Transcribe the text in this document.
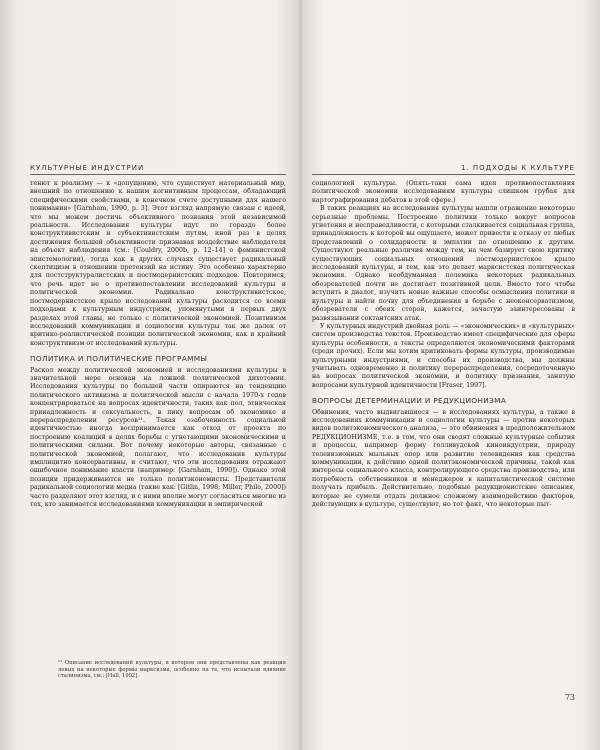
КУЛЬТУРНЫЕ ИНДУСТРИИ

тенют к реализму — к «допущению, что существует материальный мир, внешний по отношению к нашим когнитивным процессам, обладающий специфическими свойствами, в конечном счете доступными для нашего понимания» [Garnham, 1990, p. 3]. Этот взгляд напрямую связан с идеей, что мы можем достичь объективного познания этой независимой реальности. Исследования культуры идут по гораздо более конструктивистским и субъективистским путям, иной раз в целях достижения большей объективности признавая воздействие наблюдателя на объект наблюдения (см.: [Couldry, 2000b, p. 12–14] о феминистской эпистемологии), тогда как в других случаях существует радикальный скептицизм в отношении претензий на истину. Это особенно характерно для постструктуралистских и постмодернистских подходов. Повторимся, что речь идет не о противопоставлении исследований культуры и политической экономии. Радикально конструктивистское, постмодернистское крыло исследований культуры расходится со всеми подходами к культурным индустриям, упомянутыми в первых двух разделах этой главы, не только с политической экономией. Позитивизм исследований коммуникации и социологии культуры так же далек от критико-реалистической позиции политической экономии, как и крайний конструктивизм от исследований культуры.

ПОЛИТИКА И ПОЛИТИЧЕСКИЕ ПРОГРАММЫ

Раскол между политической экономией и исследованиями культуры в значительной мере основан на ложной политической дихотомии. Исследования культуры по большей части опираются на тенденцию политического активизма и политической мысли с начала 1970-х годов концентрироваться на вопросах идентичности, таких как пол, этническая принадлежность и сексуальность, в пику вопросам об экономике и перераспределении ресурсов¹¹. Такая озабоченность социальной идентичностью иногда воспринимается как отход от проекта по построению коалиций в целях борьбы с угнетающими экономическими и политическими силами. Вот почему некоторые авторы, связанные с политической экономией, полагают, что исследования культуры имплицитно консервативны, и считают, что эти исследования отражают ошибочное понимание власти (например: [Garnham, 1990]). Однако этой позиции придерживаются не только политэкономисты. Представители радикальной социологии медиа (такие как: [Gitlin, 1998; Miller, Philo, 2000]) часто разделяют этот взгляд, и с ними вполне могут согласиться многие из тех, кто занимается исследованиями коммуникации и эмпирической

¹¹ Описание исследований культуры, в котором они представлены как реакция левых на некоторые формы марксизма, особенно на те, что испытали влияние сталинизма, см.: [Hall, 1992].
1. ПОДХОДЫ К КУЛЬТУРЕ

социологией культуры. (Опять-таки сама идея противопоставления политической экономии исследованиям культуры слишком грубая для картографирования дебатов в этой сфере.)

В таких реакциях на исследования культуры нашли отражение некоторые серьезные проблемы. Построение политики только вокруг вопросов угнетения и несправедливости, с которыми сталкивается социальная группа, принадлежность к которой вы ощущаете, может привести к отказу от любых представлений о солидарности и эмпатии по отношению к другим. Существуют реальные различия между тем, на чем базирует свою критику существующих социальных отношений постмодернистское крыло исследований культуры, и тем, как это делает марксистская политическая экономия. Однако необдуманная полемика некоторых радикальных обозревателей почти не достигает позитивной цели. Вместо того чтобы вступить в диалог, изучить новые важные способы осмысления политики и культуры и найти почву для объединения в борьбе с неоконсерватизмом, обозреватели с обеих сторон, кажется, зачастую заинтересованы в развязывании сектантских атак.

У культурных индустрий двойная роль — «экономических» и «культурных» систем производства текстов. Производство имеет специфические для сферы культуры особенности, а тексты определяются экономическими факторами (среди прочих). Если мы хотим критиковать формы культуры, производимые культурными индустриями, и способы их производства, мы должны учитывать одновременно и политику перераспределения, сосредоточенную на вопросах политической экономии, и политику признания, занятую вопросами культурной идентичности [Fraser, 1997].

ВОПРОСЫ ДЕТЕРМИНАЦИИ И РЕДУКЦИОНИЗМА

Обвинения, часто выдвигавшиеся — в исследованиях культуры, а также в исследованиях коммуникации и социологии культуры — против некоторых видов политэкономического анализа, — это обвинения в предположительном РЕДУКЦИОНИЗМЕ, т.е. в том, что они сводят сложные культурные события и процессы, например форму голливудской киноиндустрии, природу телевизионных мыльных опер или развитие телевидения как средства коммуникации, к действию одной политэкономической причины, такой как интересы социального класса, контролирующего средства производства, или потребность собственников и менеджеров в капиталистической системе получать прибыль. Действительно, подобные редукционистские описания, которые не сумели отдать должное сложному взаимодействию факторов, действующих в культуре, существуют, но тот факт, что некоторые пыт-

73
